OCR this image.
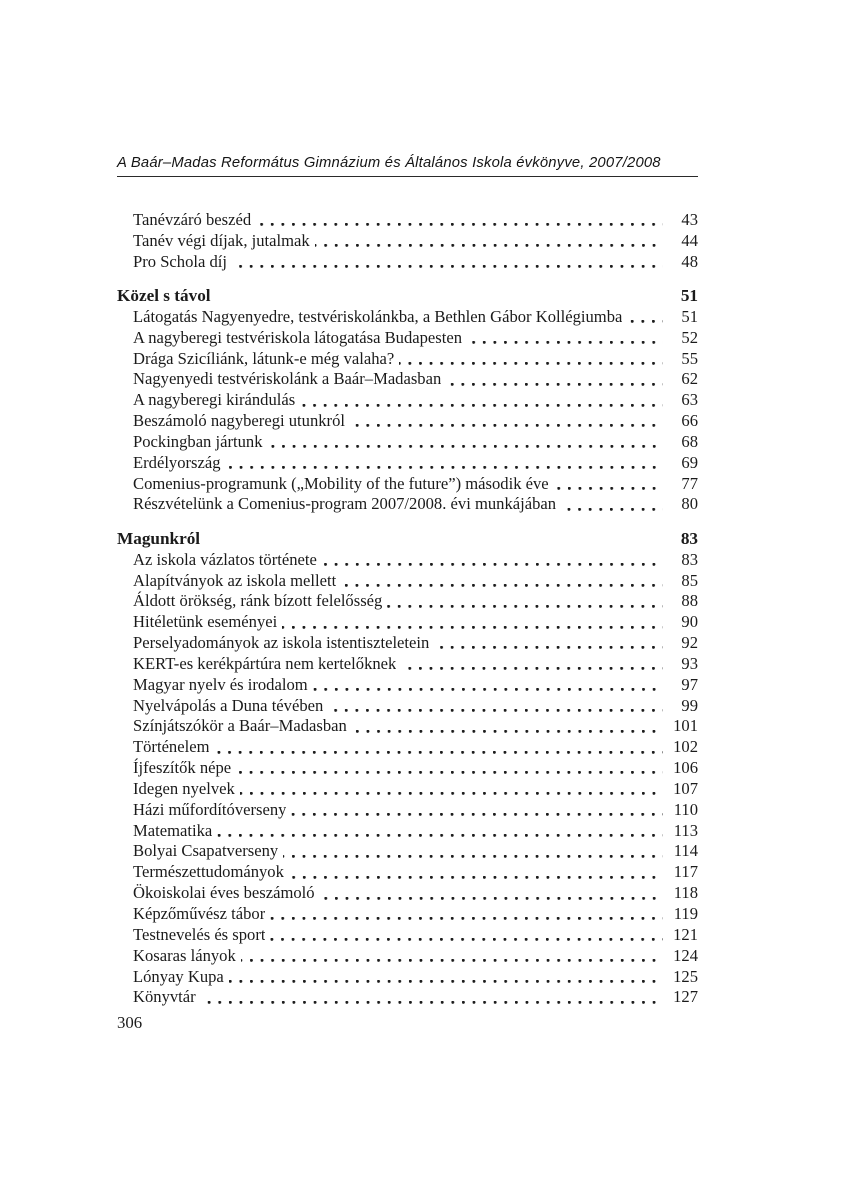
A Baár–Madas Református Gimnázium és Általános Iskola évkönyve, 2007/2008
Tanévzáró beszéd	43
Tanév végi díjak, jutalmak	44
Pro Schola díj	48
Közel s távol	51
Látogatás Nagyenyedre, testvériskolánkba, a Bethlen Gábor Kollégiumba	51
A nagyberegi testvériskola látogatása Budapesten	52
Drága Szicíliánk, látunk-e még valaha?	55
Nagyenyedi testvériskolánk a Baár–Madasban	62
A nagyberegi kirándulás	63
Beszámoló nagyberegi utunkról	66
Pockingban jártunk	68
Erdélyország	69
Comenius-programunk („Mobility of the future”) második éve	77
Részvételünk a Comenius-program 2007/2008. évi munkájában	80
Magunkról	83
Az iskola vázlatos története	83
Alapítványok az iskola mellett	85
Áldott örökség, ránk bízott felelősség	88
Hitéletünk eseményei	90
Perselyadományok az iskola istentiszteletein	92
KERT-es kerékpártúra nem kertelőknek	93
Magyar nyelv és irodalom	97
Nyelvápolás a Duna tévében	99
Színjátszókör a Baár–Madasban	101
Történelem	102
Íjfeszítők népe	106
Idegen nyelvek	107
Házi műfordítóverseny	110
Matematika	113
Bolyai Csapatverseny	114
Természettudományok	117
Ökoiskolai éves beszámoló	118
Képzőművész tábor	119
Testnevelés és sport	121
Kosaras lányok	124
Lónyay Kupa	125
Könyvtár	127
306
